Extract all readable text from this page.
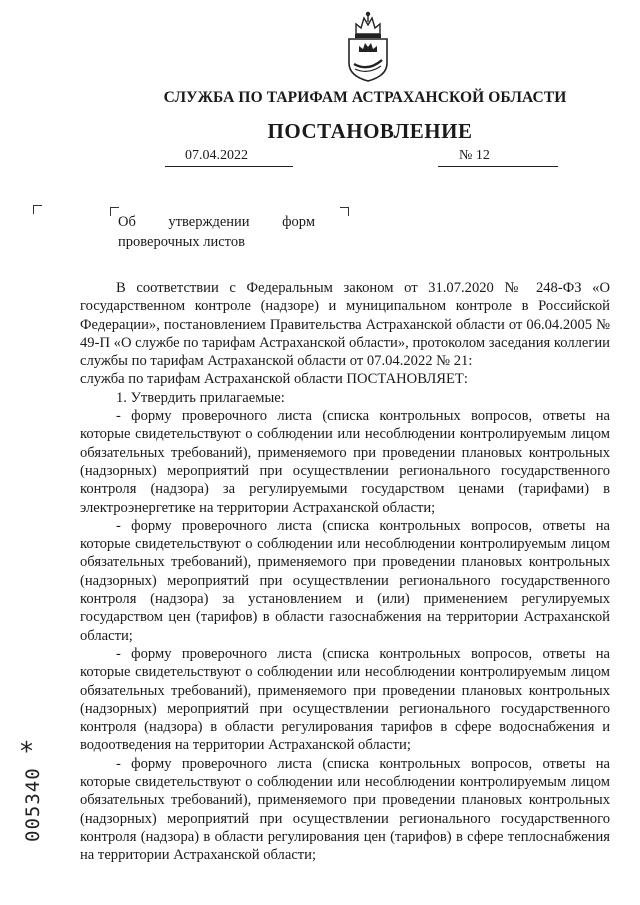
СЛУЖБА ПО ТАРИФАМ АСТРАХАНСКОЙ ОБЛАСТИ
ПОСТАНОВЛЕНИЕ
07.04.2022	№ 12
Об утверждении форм
проверочных листов

В соответствии с Федеральным законом от 31.07.2020 № 248-ФЗ «О государственном контроле (надзоре) и муниципальном контроле в Российской Федерации», постановлением Правительства Астраханской области от 06.04.2005 № 49-П «О службе по тарифам Астраханской области», протоколом заседания коллегии службы по тарифам Астраханской области от 07.04.2022 № 21:

служба по тарифам Астраханской области ПОСТАНОВЛЯЕТ:

1. Утвердить прилагаемые:

- форму проверочного листа (списка контрольных вопросов, ответы на которые свидетельствуют о соблюдении или несоблюдении контролируемым лицом обязательных требований), применяемого при проведении плановых контрольных (надзорных) мероприятий при осуществлении регионального государственного контроля (надзора) за регулируемыми государством ценами (тарифами) в электроэнергетике на территории Астраханской области;

- форму проверочного листа (списка контрольных вопросов, ответы на которые свидетельствуют о соблюдении или несоблюдении контролируемым лицом обязательных требований), применяемого при проведении плановых контрольных (надзорных) мероприятий при осуществлении регионального государственного контроля (надзора) за установлением и (или) применением регулируемых государством цен (тарифов) в области газоснабжения на территории Астраханской области;

- форму проверочного листа (списка контрольных вопросов, ответы на которые свидетельствуют о соблюдении или несоблюдении контролируемым лицом обязательных требований), применяемого при проведении плановых контрольных (надзорных) мероприятий при осуществлении регионального государственного контроля (надзора) в области регулирования тарифов в сфере водоснабжения и водоотведения на территории Астраханской области;

- форму проверочного листа (списка контрольных вопросов, ответы на которые свидетельствуют о соблюдении или несоблюдении контролируемым лицом обязательных требований), применяемого при проведении плановых контрольных (надзорных) мероприятий при осуществлении регионального государственного контроля (надзора) в области регулирования цен (тарифов) в сфере теплоснабжения на территории Астраханской области;

*
005340
